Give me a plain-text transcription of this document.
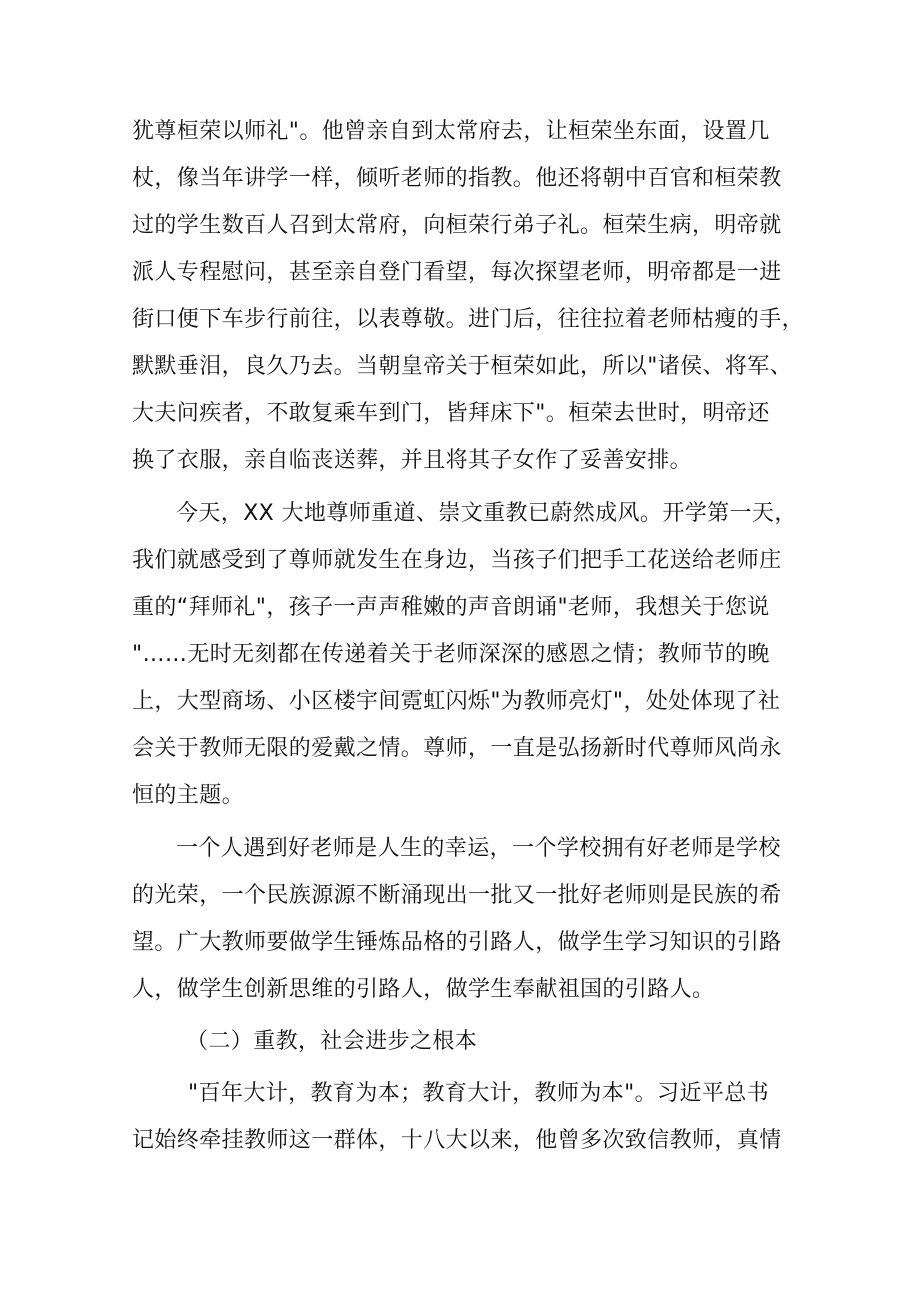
犹尊桓荣以师礼"。他曾亲自到太常府去，让桓荣坐东面，设置几
杖，像当年讲学一样，倾听老师的指教。他还将朝中百官和桓荣教
过的学生数百人召到太常府，向桓荣行弟子礼。桓荣生病，明帝就
派人专程慰问，甚至亲自登门看望，每次探望老师，明帝都是一进
街口便下车步行前往，以表尊敬。进门后，往往拉着老师枯瘦的手，
默默垂泪，良久乃去。当朝皇帝关于桓荣如此，所以"诸侯、将军、
大夫问疾者，不敢复乘车到门，皆拜床下"。桓荣去世时，明帝还
换了衣服，亲自临丧送葬，并且将其子女作了妥善安排。
今天，XX 大地尊师重道、崇文重教已蔚然成风。开学第一天，
我们就感受到了尊师就发生在身边，当孩子们把手工花送给老师庄
重的“拜师礼"，孩子一声声稚嫩的声音朗诵"老师，我想关于您说
"……无时无刻都在传递着关于老师深深的感恩之情；教师节的晚
上，大型商场、小区楼宇间霓虹闪烁"为教师亮灯"，处处体现了社
会关于教师无限的爱戴之情。尊师，一直是弘扬新时代尊师风尚永
恒的主题。
一个人遇到好老师是人生的幸运，一个学校拥有好老师是学校
的光荣，一个民族源源不断涌现出一批又一批好老师则是民族的希
望。广大教师要做学生锤炼品格的引路人，做学生学习知识的引路
人，做学生创新思维的引路人，做学生奉献祖国的引路人。
（二）重教，社会进步之根本
"百年大计，教育为本；教育大计，教师为本"。习近平总书
记始终牵挂教师这一群体，十八大以来，他曾多次致信教师，真情
